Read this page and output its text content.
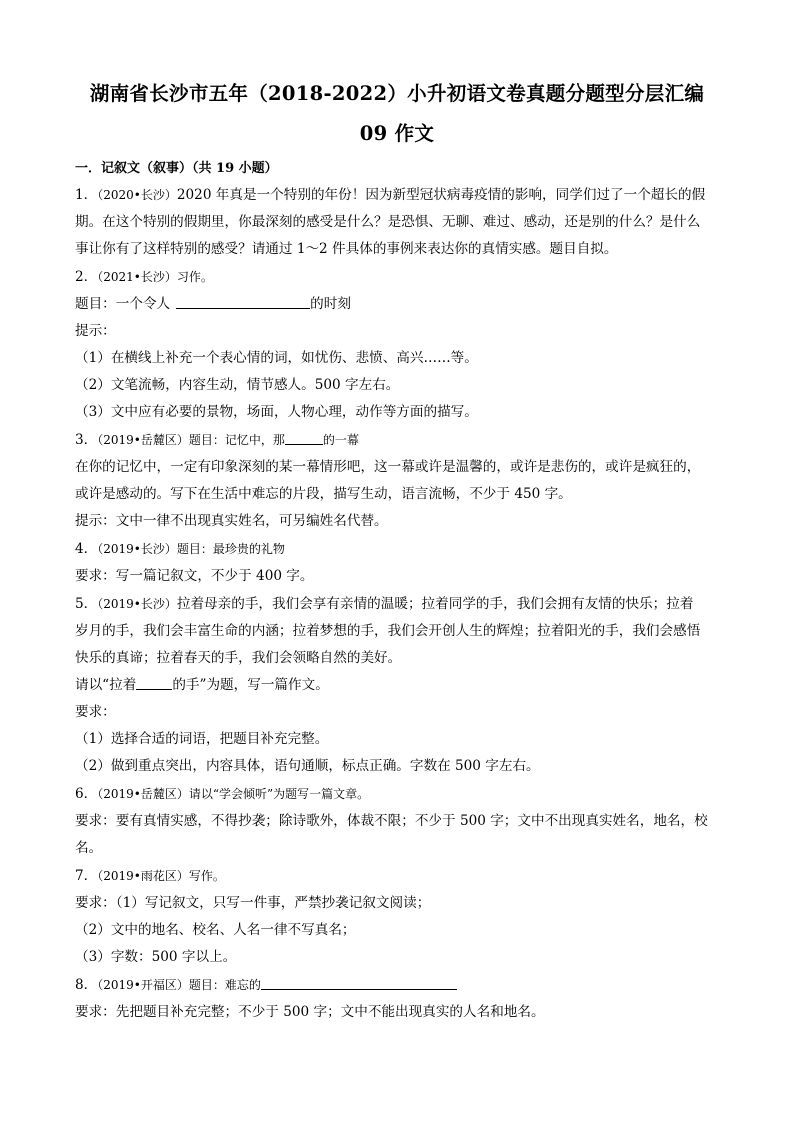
湖南省长沙市五年（2018-2022）小升初语文卷真题分题型分层汇编
09 作文
一．记叙文（叙事）（共 19 小题）
1．（2020•长沙）2020 年真是一个特别的年份！因为新型冠状病毒疫情的影响，同学们过了一个超长的假
期。在这个特别的假期里，你最深刻的感受是什么？是恐惧、无聊、难过、感动，还是别的什么？是什么
事让你有了这样特别的感受？请通过 1～2 件具体的事例来表达你的真情实感。题目自拟。
2．（2021•长沙）习作。
题目：一个令人	的时刻
提示：
（1）在横线上补充一个表心情的词，如忧伤、悲愤、高兴……等。
（2）文笔流畅，内容生动，情节感人。500 字左右。
（3）文中应有必要的景物，场面，人物心理，动作等方面的描写。
3．（2019•岳麓区）题目：记忆中，那	的一幕
在你的记忆中，一定有印象深刻的某一幕情形吧，这一幕或许是温馨的，或许是悲伤的，或许是疯狂的，
或许是感动的。写下在生活中难忘的片段，描写生动，语言流畅，不少于 450 字。
提示：文中一律不出现真实姓名，可另编姓名代替。
4．（2019•长沙）题目：最珍贵的礼物
要求：写一篇记叙文，不少于 400 字。
5．（2019•长沙）拉着母亲的手，我们会享有亲情的温暖；拉着同学的手，我们会拥有友情的快乐；拉着
岁月的手，我们会丰富生命的内涵；拉着梦想的手，我们会开创人生的辉煌；拉着阳光的手，我们会感悟
快乐的真谛；拉着春天的手，我们会领略自然的美好。
请以“拉着	的手”为题，写一篇作文。
要求：
（1）选择合适的词语，把题目补充完整。
（2）做到重点突出，内容具体，语句通顺，标点正确。字数在 500 字左右。
6．（2019•岳麓区）请以“学会倾听”为题写一篇文章。
要求：要有真情实感，不得抄袭；除诗歌外，体裁不限；不少于 500 字；文中不出现真实姓名，地名，校
名。
7．（2019•雨花区）写作。
要求：（1）写记叙文，只写一件事，严禁抄袭记叙文阅读；
（2）文中的地名、校名、人名一律不写真名；
（3）字数：500 字以上。
8．（2019•开福区）题目：难忘的
要求：先把题目补充完整；不少于 500 字；文中不能出现真实的人名和地名。
